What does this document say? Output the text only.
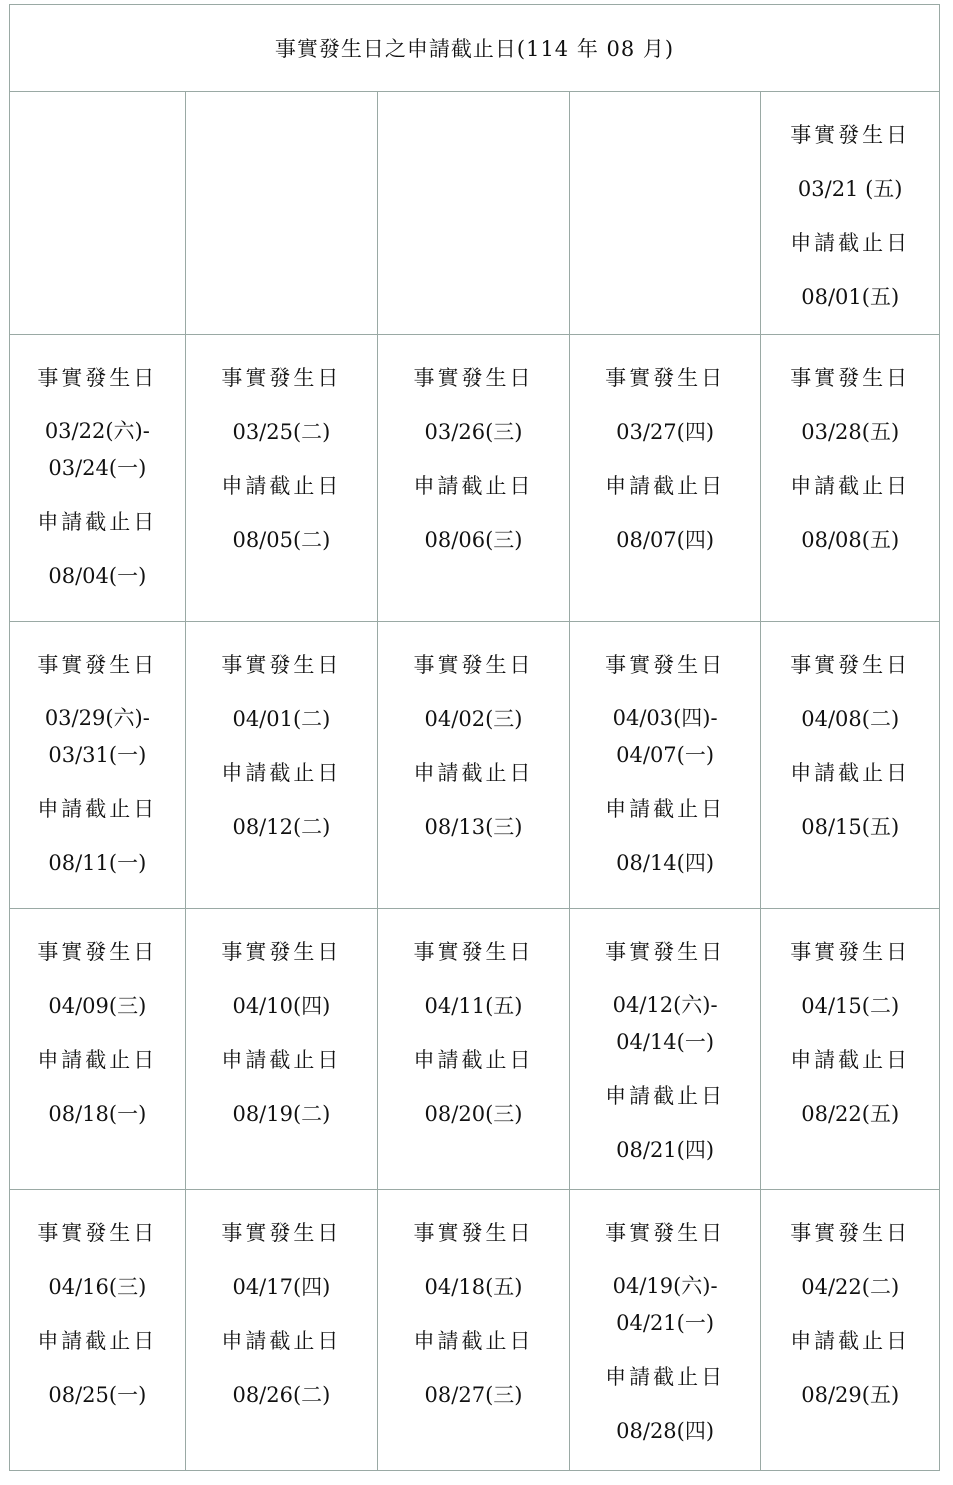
事實發生日之申請截止日(114 年 08 月)
事實發生日
03/21 (五)
申請截止日
08/01(五)
事實發生日
03/22(六)-
03/24(一)
申請截止日
08/04(一)
事實發生日
03/25(二)
申請截止日
08/05(二)
事實發生日
03/26(三)
申請截止日
08/06(三)
事實發生日
03/27(四)
申請截止日
08/07(四)
事實發生日
03/28(五)
申請截止日
08/08(五)
事實發生日
03/29(六)-
03/31(一)
申請截止日
08/11(一)
事實發生日
04/01(二)
申請截止日
08/12(二)
事實發生日
04/02(三)
申請截止日
08/13(三)
事實發生日
04/03(四)-
04/07(一)
申請截止日
08/14(四)
事實發生日
04/08(二)
申請截止日
08/15(五)
事實發生日
04/09(三)
申請截止日
08/18(一)
事實發生日
04/10(四)
申請截止日
08/19(二)
事實發生日
04/11(五)
申請截止日
08/20(三)
事實發生日
04/12(六)-
04/14(一)
申請截止日
08/21(四)
事實發生日
04/15(二)
申請截止日
08/22(五)
事實發生日
04/16(三)
申請截止日
08/25(一)
事實發生日
04/17(四)
申請截止日
08/26(二)
事實發生日
04/18(五)
申請截止日
08/27(三)
事實發生日
04/19(六)-
04/21(一)
申請截止日
08/28(四)
事實發生日
04/22(二)
申請截止日
08/29(五)
